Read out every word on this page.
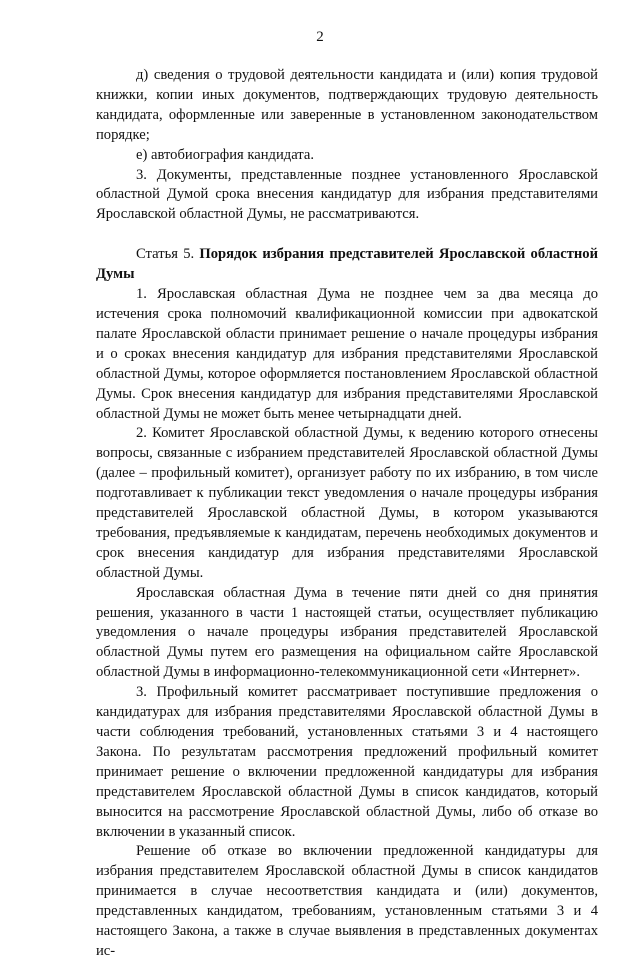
2

д) сведения о трудовой деятельности кандидата и (или) копия трудовой книжки, копии иных документов, подтверждающих трудовую деятельность кандидата, оформленные или заверенные в установленном законодательством порядке;

е) автобиография кандидата.

3. Документы, представленные позднее установленного Ярославской областной Думой срока внесения кандидатур для избрания представителями Ярославской областной Думы, не рассматриваются.

Статья 5. Порядок избрания представителей Ярославской областной Думы

1. Ярославская областная Дума не позднее чем за два месяца до истечения срока полномочий квалификационной комиссии при адвокатской палате Ярославской области принимает решение о начале процедуры избрания и о сроках внесения кандидатур для избрания представителями Ярославской областной Думы, которое оформляется постановлением Ярославской областной Думы. Срок внесения кандидатур для избрания представителями Ярославской областной Думы не может быть менее четырнадцати дней.

2. Комитет Ярославской областной Думы, к ведению которого отнесены вопросы, связанные с избранием представителей Ярославской областной Думы (далее – профильный комитет), организует работу по их избранию, в том числе подготавливает к публикации текст уведомления о начале процедуры избрания представителей Ярославской областной Думы, в котором указываются требования, предъявляемые к кандидатам, перечень необходимых документов и срок внесения кандидатур для избрания представителями Ярославской областной Думы.

Ярославская областная Дума в течение пяти дней со дня принятия решения, указанного в части 1 настоящей статьи, осуществляет публикацию уведомления о начале процедуры избрания представителей Ярославской областной Думы путем его размещения на официальном сайте Ярославской областной Думы в информационно-телекоммуникационной сети «Интернет».

3. Профильный комитет рассматривает поступившие предложения о кандидатурах для избрания представителями Ярославской областной Думы в части соблюдения требований, установленных статьями 3 и 4 настоящего Закона. По результатам рассмотрения предложений профильный комитет принимает решение о включении предложенной кандидатуры для избрания представителем Ярославской областной Думы в список кандидатов, который выносится на рассмотрение Ярославской областной Думы, либо об отказе во включении в указанный список.

Решение об отказе во включении предложенной кандидатуры для избрания представителем Ярославской областной Думы в список кандидатов принимается в случае несоответствия кандидата и (или) документов, представленных кандидатом, требованиям, установленным статьями 3 и 4 настоящего Закона, а также в случае выявления в представленных документах ис-
